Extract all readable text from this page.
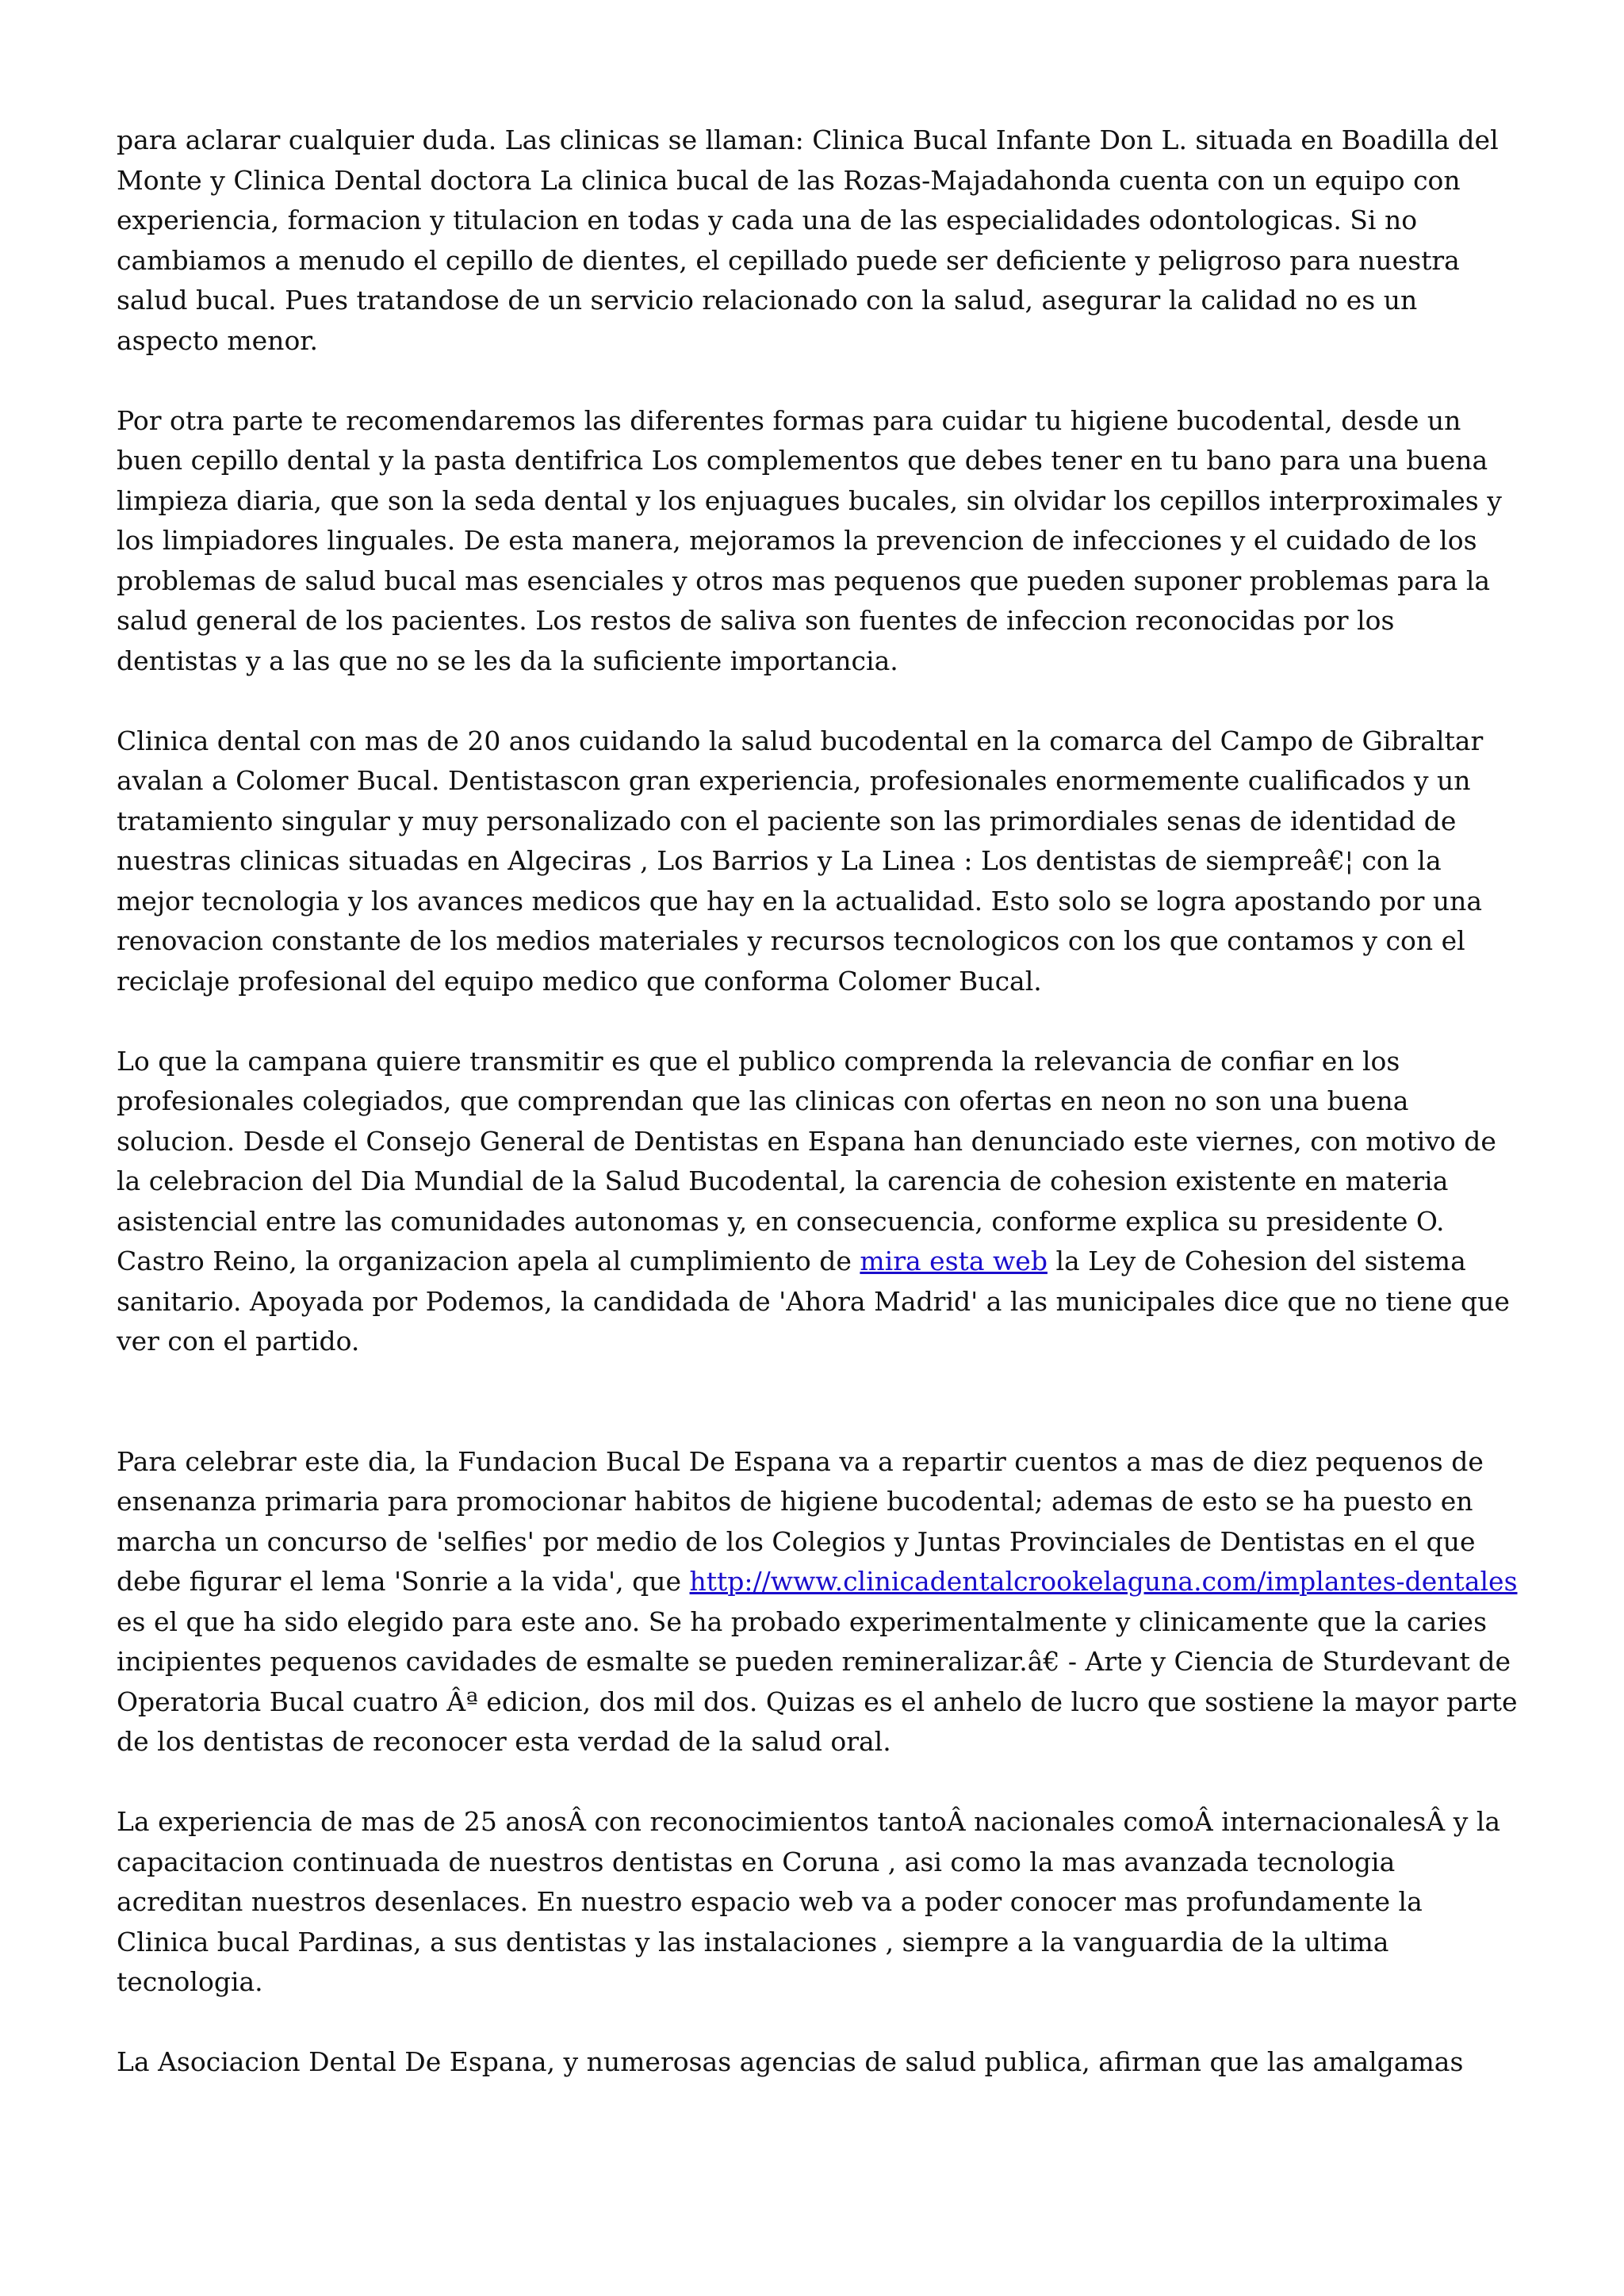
para aclarar cualquier duda. Las clinicas se llaman: Clinica Bucal Infante Don L. situada en Boadilla del Monte y Clinica Dental doctora La clinica bucal de las Rozas-Majadahonda cuenta con un equipo con experiencia, formacion y titulacion en todas y cada una de las especialidades odontologicas. Si no cambiamos a menudo el cepillo de dientes, el cepillado puede ser deficiente y peligroso para nuestra salud bucal. Pues tratandose de un servicio relacionado con la salud, asegurar la calidad no es un aspecto menor.

Por otra parte te recomendaremos las diferentes formas para cuidar tu higiene bucodental, desde un buen cepillo dental y la pasta dentifrica Los complementos que debes tener en tu bano para una buena limpieza diaria, que son la seda dental y los enjuagues bucales, sin olvidar los cepillos interproximales y los limpiadores linguales. De esta manera, mejoramos la prevencion de infecciones y el cuidado de los problemas de salud bucal mas esenciales y otros mas pequenos que pueden suponer problemas para la salud general de los pacientes. Los restos de saliva son fuentes de infeccion reconocidas por los dentistas y a las que no se les da la suficiente importancia.

Clinica dental con mas de 20 anos cuidando la salud bucodental en la comarca del Campo de Gibraltar avalan a Colomer Bucal. Dentistascon gran experiencia, profesionales enormemente cualificados y un tratamiento singular y muy personalizado con el paciente son las primordiales senas de identidad de nuestras clinicas situadas en Algeciras , Los Barrios y La Linea : Los dentistas de siempreâ€¦ con la mejor tecnologia y los avances medicos que hay en la actualidad. Esto solo se logra apostando por una renovacion constante de los medios materiales y recursos tecnologicos con los que contamos y con el reciclaje profesional del equipo medico que conforma Colomer Bucal.

Lo que la campana quiere transmitir es que el publico comprenda la relevancia de confiar en los profesionales colegiados, que comprendan que las clinicas con ofertas en neon no son una buena solucion. Desde el Consejo General de Dentistas en Espana han denunciado este viernes, con motivo de la celebracion del Dia Mundial de la Salud Bucodental, la carencia de cohesion existente en materia asistencial entre las comunidades autonomas y, en consecuencia, conforme explica su presidente O. Castro Reino, la organizacion apela al cumplimiento de mira esta web la Ley de Cohesion del sistema sanitario. Apoyada por Podemos, la candidada de 'Ahora Madrid' a las municipales dice que no tiene que ver con el partido.

Para celebrar este dia, la Fundacion Bucal De Espana va a repartir cuentos a mas de diez pequenos de ensenanza primaria para promocionar habitos de higiene bucodental; ademas de esto se ha puesto en marcha un concurso de 'selfies' por medio de los Colegios y Juntas Provinciales de Dentistas en el que debe figurar el lema 'Sonrie a la vida', que http://www.clinicadentalcrookelaguna.com/implantes-dentales es el que ha sido elegido para este ano. Se ha probado experimentalmente y clinicamente que la caries incipientes pequenos cavidades de esmalte se pueden remineralizar.â€ - Arte y Ciencia de Sturdevant de Operatoria Bucal cuatro Âª edicion, dos mil dos. Quizas es el anhelo de lucro que sostiene la mayor parte de los dentistas de reconocer esta verdad de la salud oral.

La experiencia de mas de 25 anosÂ con reconocimientos tantoÂ nacionales comoÂ internacionalesÂ y la capacitacion continuada de nuestros dentistas en Coruna , asi como la mas avanzada tecnologia acreditan nuestros desenlaces. En nuestro espacio web va a poder conocer mas profundamente la Clinica bucal Pardinas, a sus dentistas y las instalaciones , siempre a la vanguardia de la ultima tecnologia.

La Asociacion Dental De Espana, y numerosas agencias de salud publica, afirman que las amalgamas
